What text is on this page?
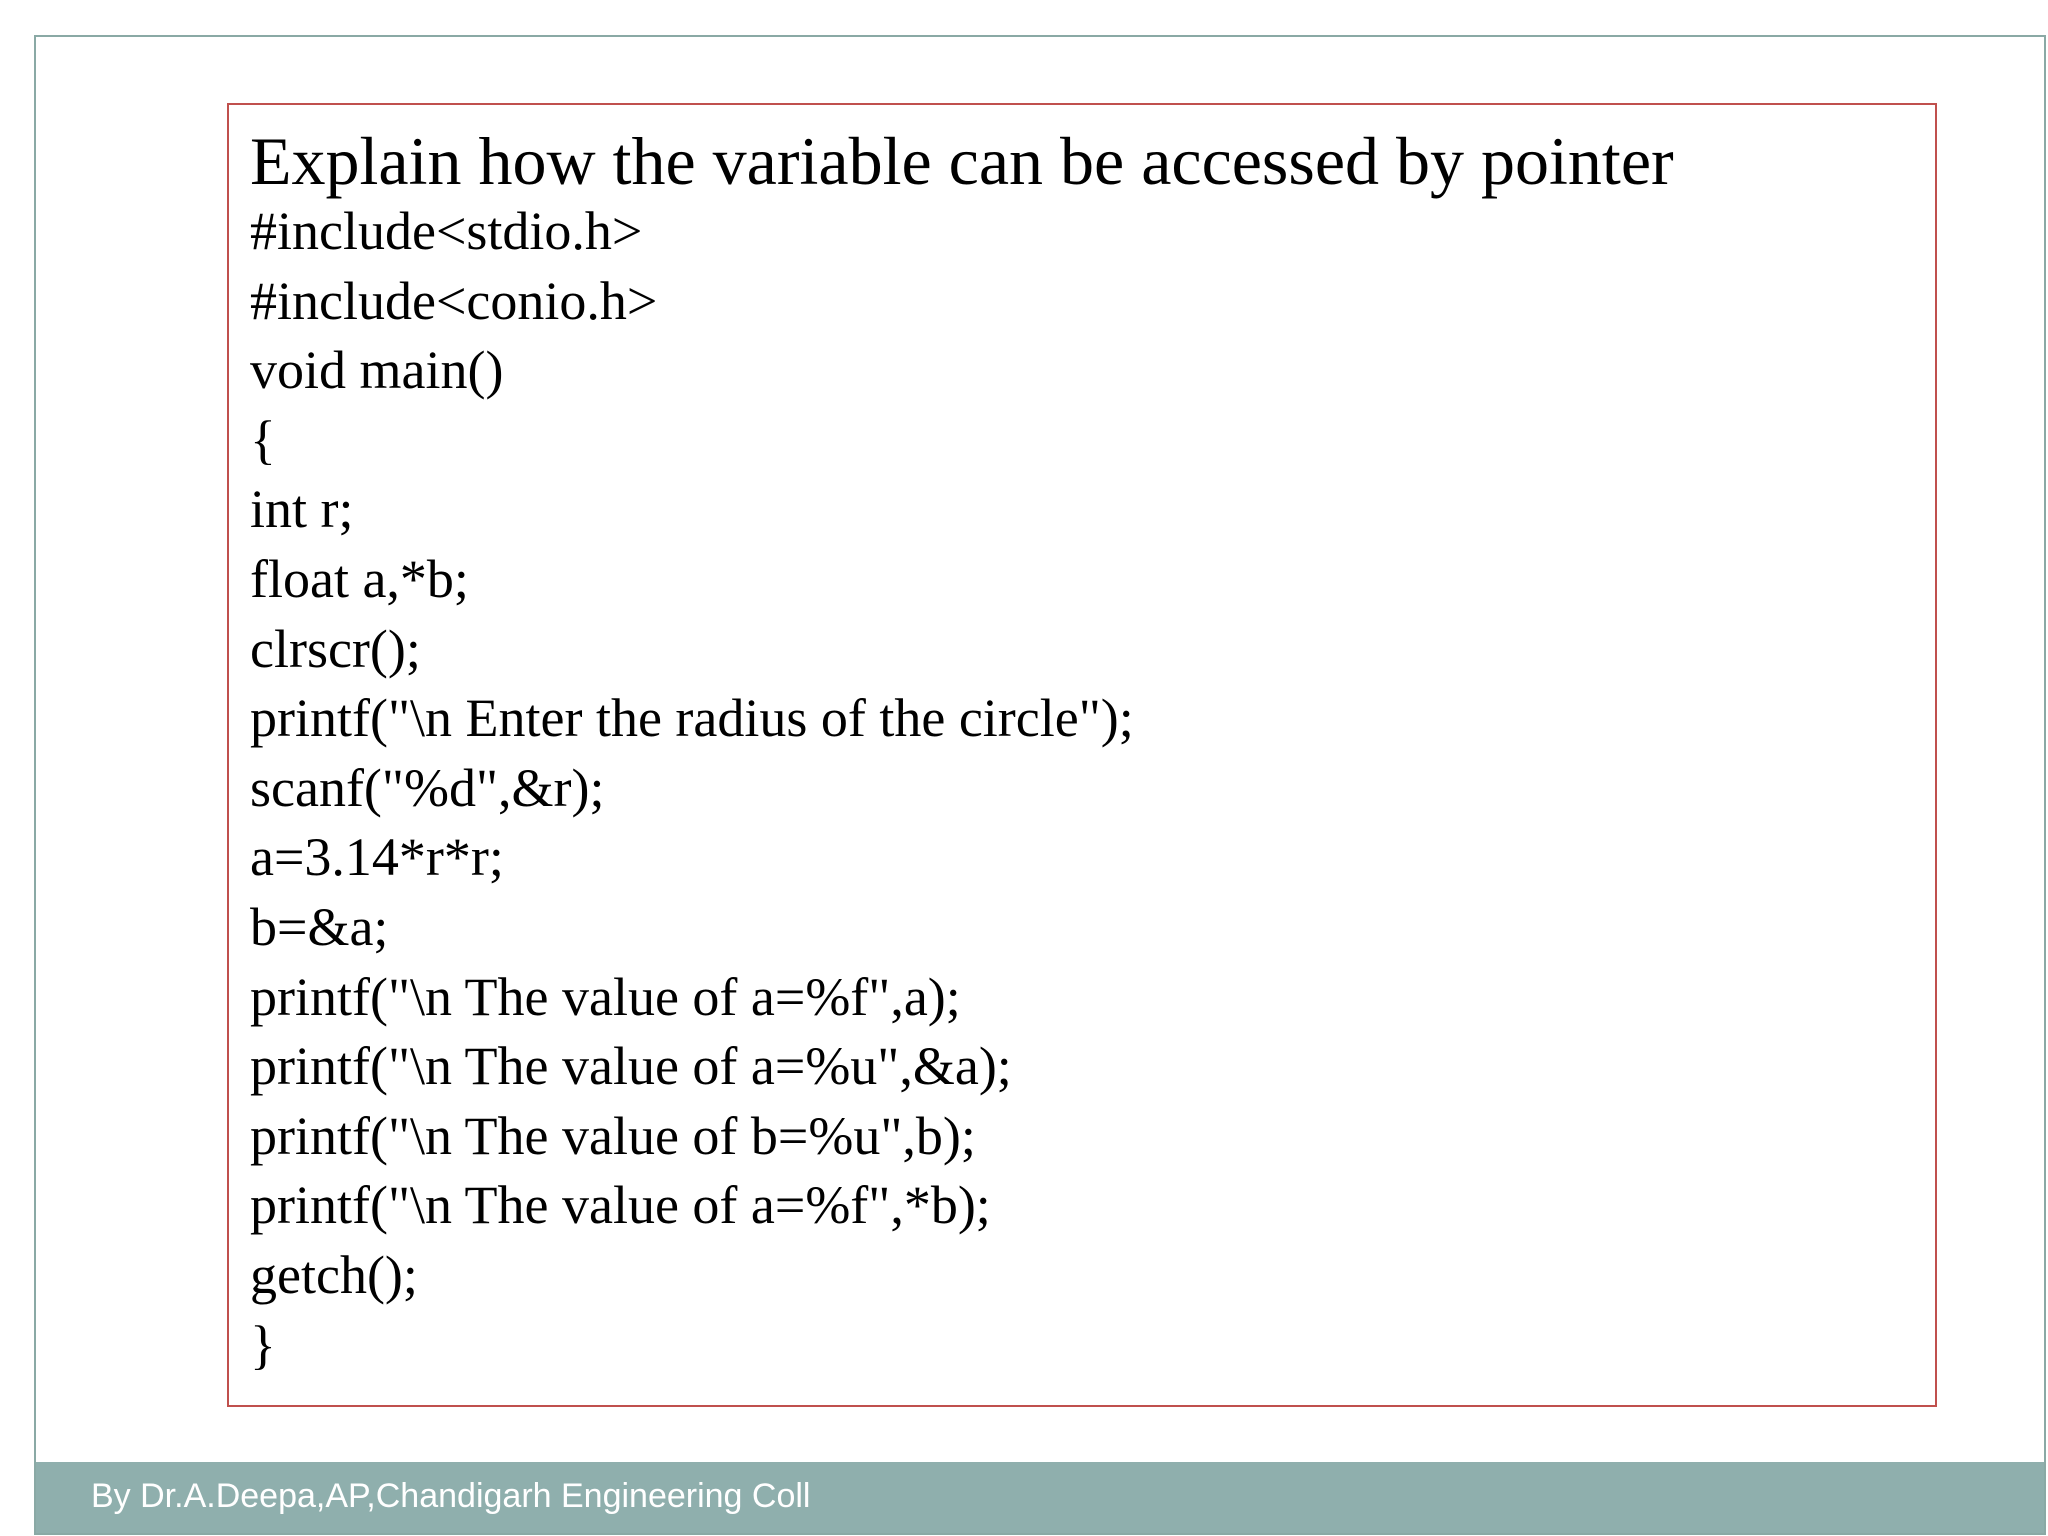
Explain how the variable can be accessed by pointer
#include<stdio.h>
#include<conio.h>
void main()
{
int r;
float a,*b;
clrscr();
printf("\n Enter the radius of the circle");
scanf("%d",&r);
a=3.14*r*r;
b=&a;
printf("\n The value of a=%f",a);
printf("\n The value of a=%u",&a);
printf("\n The value of b=%u",b);
printf("\n The value of a=%f",*b);
getch();
}
By Dr.A.Deepa,AP,Chandigarh Engineering Coll
